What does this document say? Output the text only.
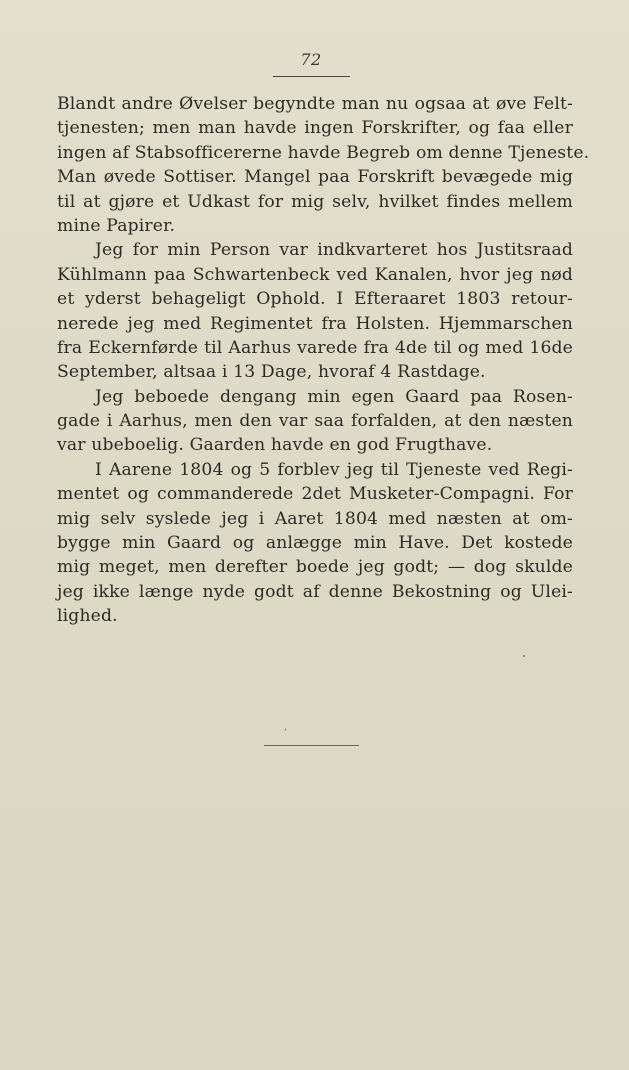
72
Blandt andre Øvelser begyndte man nu ogsaa at øve Felt-
tjenesten; men man havde ingen Forskrifter, og faa eller
ingen af Stabsofficererne havde Begreb om denne Tjeneste.
Man øvede Sottiser. Mangel paa Forskrift bevægede mig
til at gjøre et Udkast for mig selv, hvilket findes mellem
mine Papirer.
Jeg for min Person var indkvarteret hos Justitsraad
Kühlmann paa Schwartenbeck ved Kanalen, hvor jeg nød
et yderst behageligt Ophold. I Efteraaret 1803 retour-
nerede jeg med Regimentet fra Holsten. Hjemmarschen
fra Eckernførde til Aarhus varede fra 4de til og med 16de
September, altsaa i 13 Dage, hvoraf 4 Rastdage.
Jeg beboede dengang min egen Gaard paa Rosen-
gade i Aarhus, men den var saa forfalden, at den næsten
var ubeboelig. Gaarden havde en god Frugthave.
I Aarene 1804 og 5 forblev jeg til Tjeneste ved Regi-
mentet og commanderede 2det Musketer-Compagni. For
mig selv syslede jeg i Aaret 1804 med næsten at om-
bygge min Gaard og anlægge min Have. Det kostede
mig meget, men derefter boede jeg godt; — dog skulde
jeg ikke længe nyde godt af denne Bekostning og Ulei-
lighed.
